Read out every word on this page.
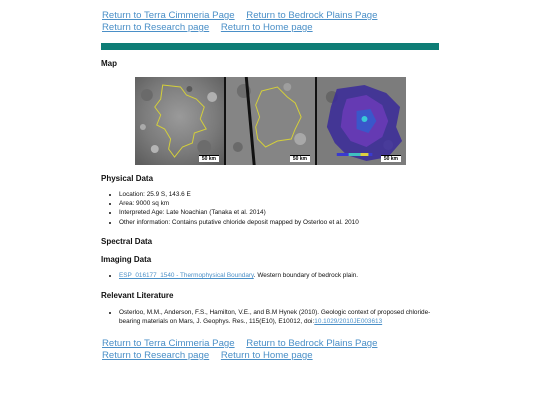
Return to Terra Cimmeria Page Return to Bedrock Plains Page
Return to Research page Return to Home page
Map
50 km	50 km	50 km
Physical Data
• Location: 25.9 S, 143.6 E
• Area: 9000 sq km
• Interpreted Age: Late Noachian (Tanaka et al. 2014)
• Other information: Contains putative chloride deposit mapped by Osterloo et al. 2010
Spectral Data
Imaging Data
• ESP_016177_1540 - Thermophysical Boundary. Western boundary of bedrock plain.
Relevant Literature
• Osterloo, M.M., Anderson, F.S., Hamilton, V.E., and B.M Hynek (2010). Geologic context of proposed chloride-bearing materials on Mars, J. Geophys. Res., 115(E10), E10012, doi:10.1029/2010JE003613
Return to Terra Cimmeria Page Return to Bedrock Plains Page
Return to Research page Return to Home page
